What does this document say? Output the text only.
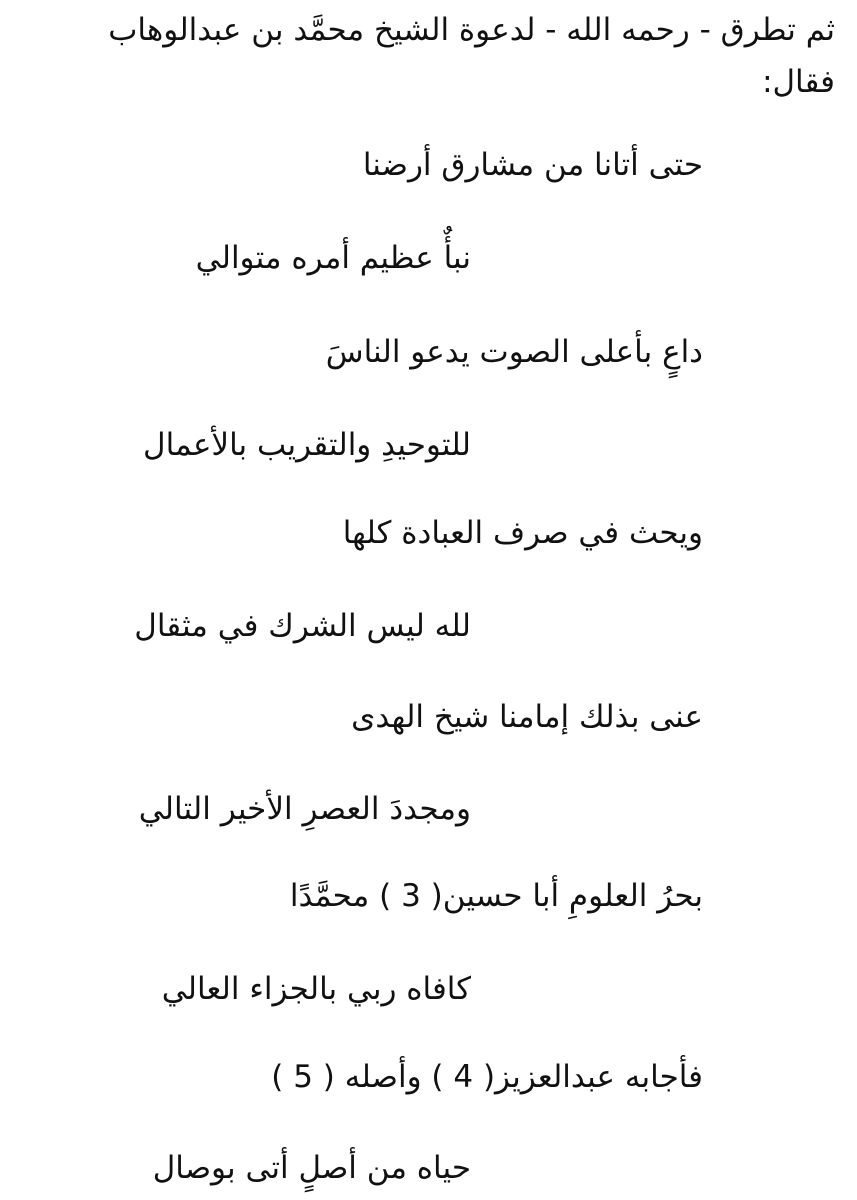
ثم تطرق - رحمه الله - لدعوة الشيخ محمَّد بن عبدالوهاب
فقال:

حتى أتانا من مشارق أرضنا

نبأٌ عظيم أمره متوالي

داعٍ بأعلى الصوت يدعو الناسَ

للتوحيدِ والتقريب بالأعمال

ويحث في صرف العبادة كلها

لله ليس الشرك في مثقال

عنى بذلك إمامنا شيخ الهدى

ومجددَ العصرِ الأخير التالي

بحرُ العلومِ أبا حسين( 3 ) محمَّدًا

كافاه ربي بالجزاء العالي

فأجابه عبدالعزيز( 4 ) وأصله ( 5 )

حياه من أصلٍ أتى بوصال
